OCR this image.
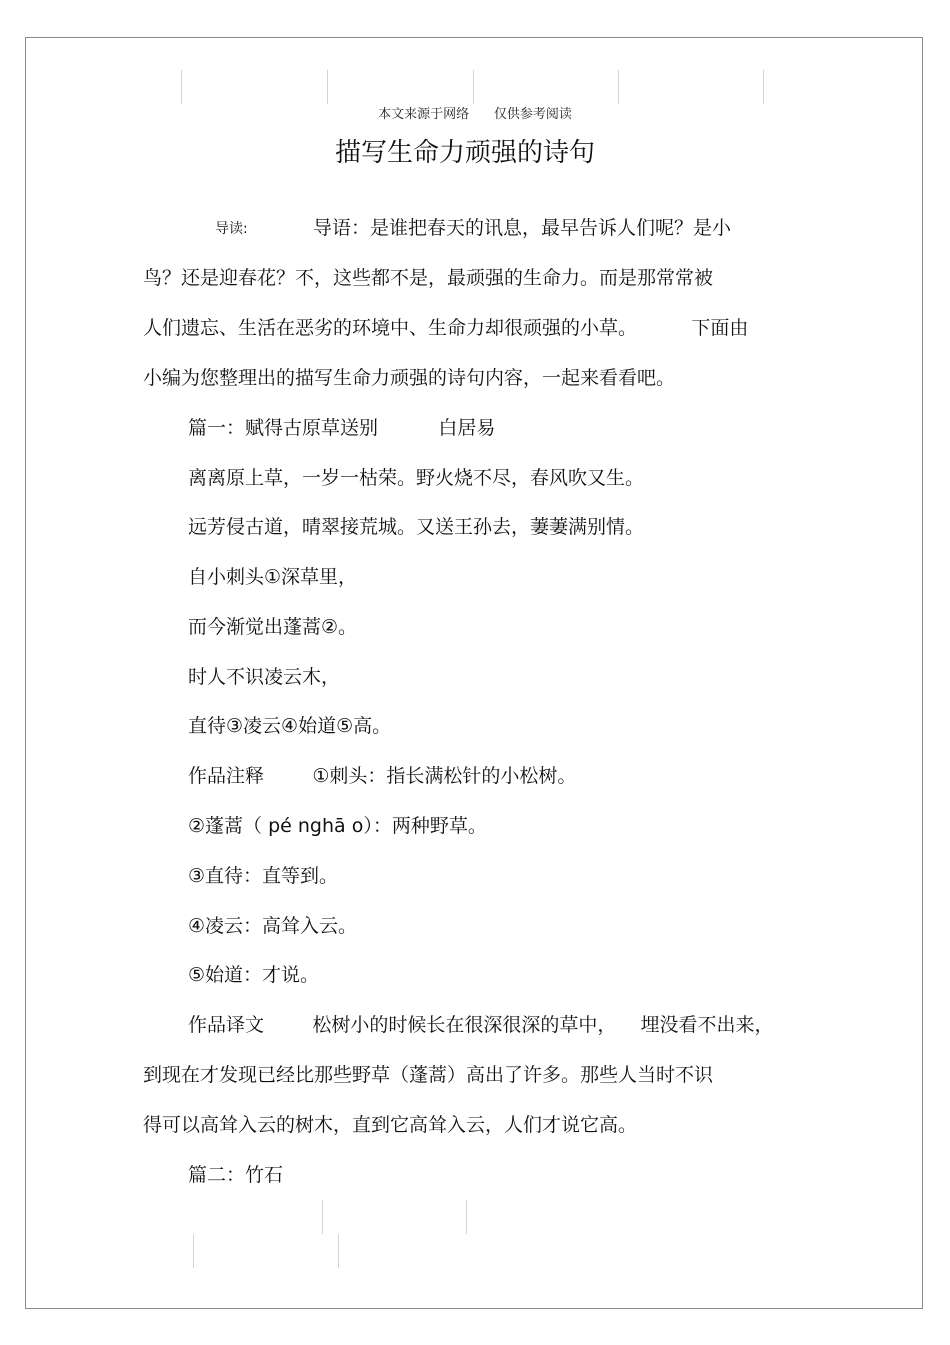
本文来源于网络      仅供参考阅读
描写生命力顽强的诗句
导读:	导语：是谁把春天的讯息，最早告诉人们呢？是小
鸟？还是迎春花？不，这些都不是，最顽强的生命力。而是那常常被
人们遗忘、生活在恶劣的环境中、生命力却很顽强的小草。         下面由
小编为您整理出的描写生命力顽强的诗句内容，一起来看看吧。
篇一：赋得古原草送别          白居易
离离原上草，一岁一枯荣。野火烧不尽，春风吹又生。
远芳侵古道，晴翠接荒城。又送王孙去，萋萋满别情。
自小刺头①深草里，
而今渐觉出蓬蒿②。
时人不识凌云木，
直待③凌云④始道⑤高。
作品注释        ①刺头：指长满松针的小松树。
②蓬蒿（ pé nghā o）：两种野草。
③直待：直等到。
④凌云：高耸入云。
⑤始道：才说。
作品译文        松树小的时候长在很深很深的草中，    埋没看不出来，
到现在才发现已经比那些野草（蓬蒿）高出了许多。那些人当时不识
得可以高耸入云的树木，直到它高耸入云，人们才说它高。
篇二：竹石
